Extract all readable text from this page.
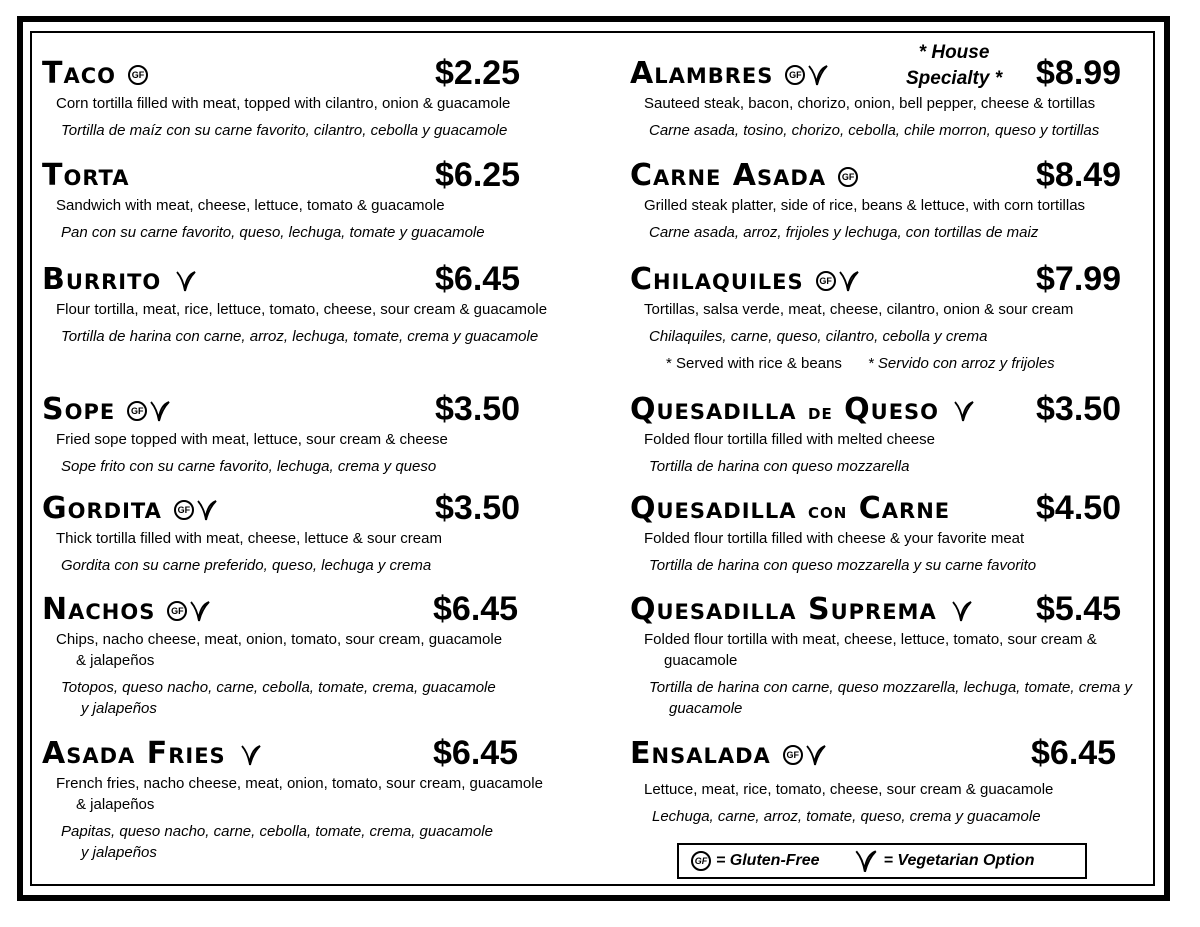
Taco GF	$2.25
Corn tortilla filled with meat, topped with cilantro, onion & guacamole
Tortilla de maíz con su carne favorito, cilantro, cebolla y guacamole
Torta	$6.25
Sandwich with meat, cheese, lettuce, tomato & guacamole
Pan con su carne favorito, queso, lechuga, tomate y guacamole
Burrito	$6.45
Flour tortilla, meat, rice, lettuce, tomato, cheese, sour cream & guacamole
Tortilla de harina con carne, arroz, lechuga, tomate, crema y guacamole
Sope GF	$3.50
Fried sope topped with meat, lettuce, sour cream & cheese
Sope frito con su carne favorito, lechuga, crema y queso
Gordita GF	$3.50
Thick tortilla filled with meat, cheese, lettuce & sour cream
Gordita con su carne preferido, queso, lechuga y crema
Nachos GF	$6.45
Chips, nacho cheese, meat, onion, tomato, sour cream, guacamole & jalapeños
Totopos, queso nacho, carne, cebolla, tomate, crema, guacamole y jalapeños
Asada Fries	$6.45
French fries, nacho cheese, meat, onion, tomato, sour cream, guacamole & jalapeños
Papitas, queso nacho, carne, cebolla, tomate, crema, guacamole y jalapeños
* House
Specialty *
Alambres GF	$8.99
Sauteed steak, bacon, chorizo, onion, bell pepper, cheese & tortillas
Carne asada, tosino, chorizo, cebolla, chile morron, queso y tortillas
Carne Asada GF	$8.49
Grilled steak platter, side of rice, beans & lettuce, with corn tortillas
Carne asada, arroz, frijoles y lechuga, con tortillas de maiz
Chilaquiles GF	$7.99
Tortillas, salsa verde, meat, cheese, cilantro, onion & sour cream
Chilaquiles, carne, queso, cilantro, cebolla y crema
* Served with rice & beans * Servido con arroz y frijoles
Quesadilla de Queso	$3.50
Folded flour tortilla filled with melted cheese
Tortilla de harina con queso mozzarella
Quesadilla con Carne	$4.50
Folded flour tortilla filled with cheese & your favorite meat
Tortilla de harina con queso mozzarella y su carne favorito
Quesadilla Suprema	$5.45
Folded flour tortilla with meat, cheese, lettuce, tomato, sour cream & guacamole
Tortilla de harina con carne, queso mozzarella, lechuga, tomate, crema y guacamole
Ensalada GF	$6.45
Lettuce, meat, rice, tomato, cheese, sour cream & guacamole
Lechuga, carne, arroz, tomate, queso, crema y guacamole
GF = Gluten-Free	= Vegetarian Option
